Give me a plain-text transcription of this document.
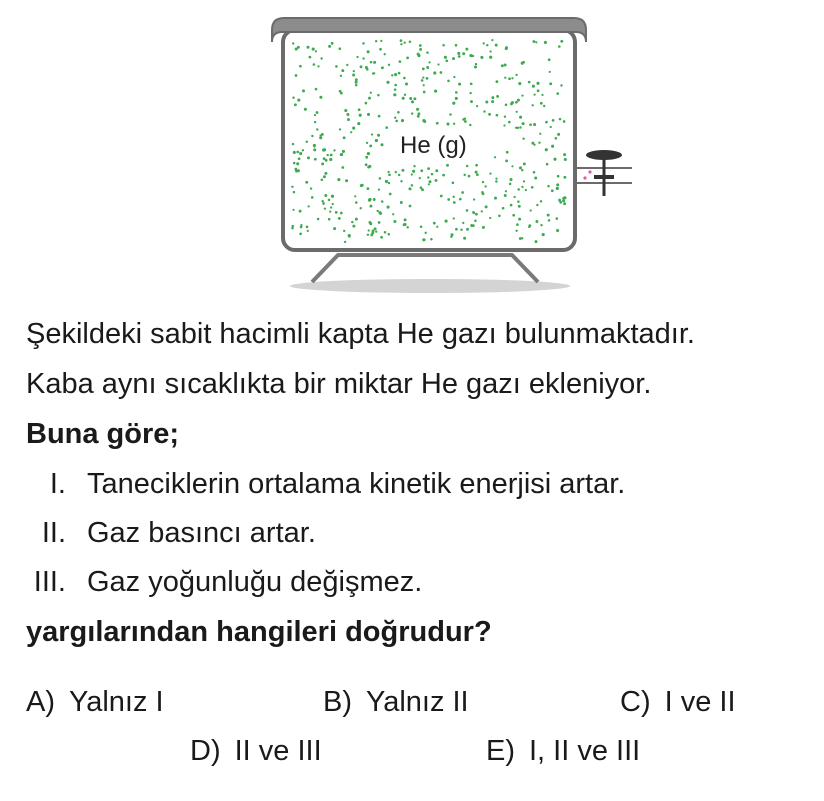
He (g)
Şekildeki sabit hacimli kapta He gazı bulunmaktadır.
Kaba aynı sıcaklıkta bir miktar He gazı ekleniyor.
Buna göre;
I. Taneciklerin ortalama kinetik enerjisi artar.
II. Gaz basıncı artar.
III. Gaz yoğunluğu değişmez.
yargılarından hangileri doğrudur?
A) Yalnız I	B) Yalnız II	C) I ve II
D) II ve III	E) I, II ve III
